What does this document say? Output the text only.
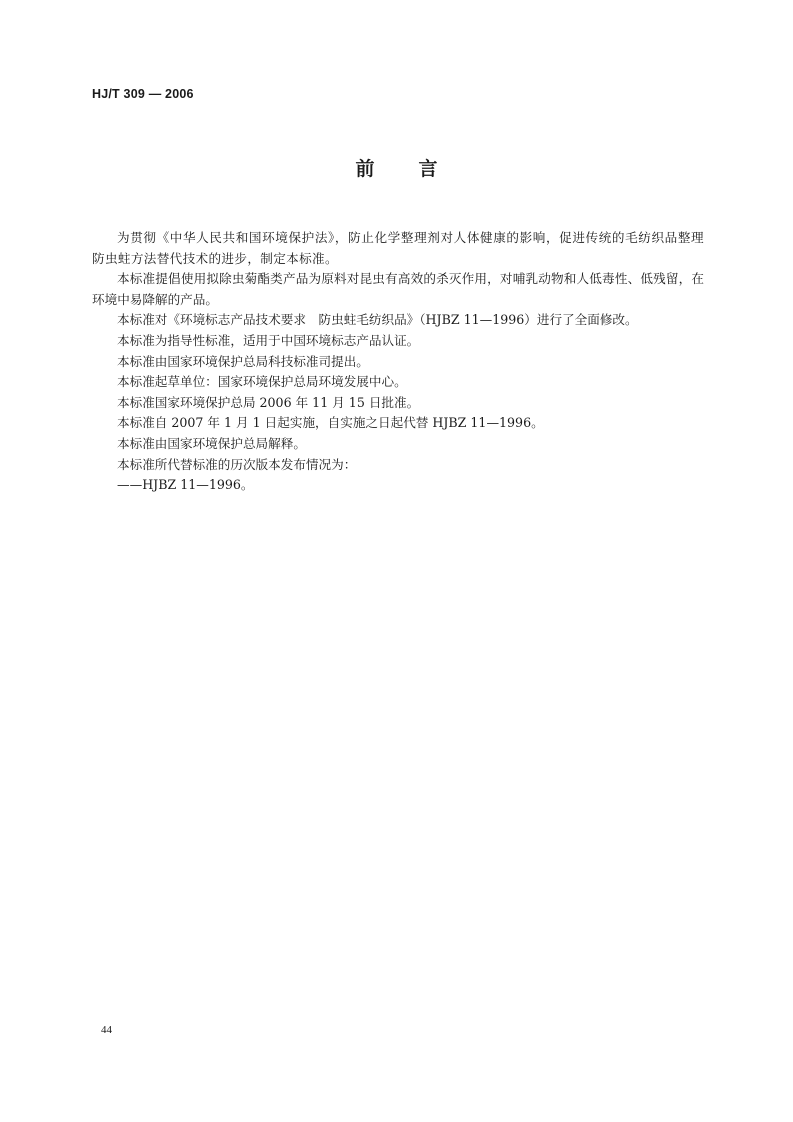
HJ/T 309 — 2006
前 言

为贯彻《中华人民共和国环境保护法》，防止化学整理剂对人体健康的影响，促进传统的毛纺织品整理防虫蛀方法替代技术的进步，制定本标准。

本标准提倡使用拟除虫菊酯类产品为原料对昆虫有高效的杀灭作用，对哺乳动物和人低毒性、低残留，在环境中易降解的产品。

本标准对《环境标志产品技术要求　防虫蛀毛纺织品》（HJBZ 11—1996）进行了全面修改。

本标准为指导性标准，适用于中国环境标志产品认证。

本标准由国家环境保护总局科技标准司提出。

本标准起草单位：国家环境保护总局环境发展中心。

本标准国家环境保护总局 2006 年 11 月 15 日批准。

本标准自 2007 年 1 月 1 日起实施，自实施之日起代替 HJBZ 11—1996。

本标准由国家环境保护总局解释。

本标准所代替标准的历次版本发布情况为：

——HJBZ 11—1996。

44
